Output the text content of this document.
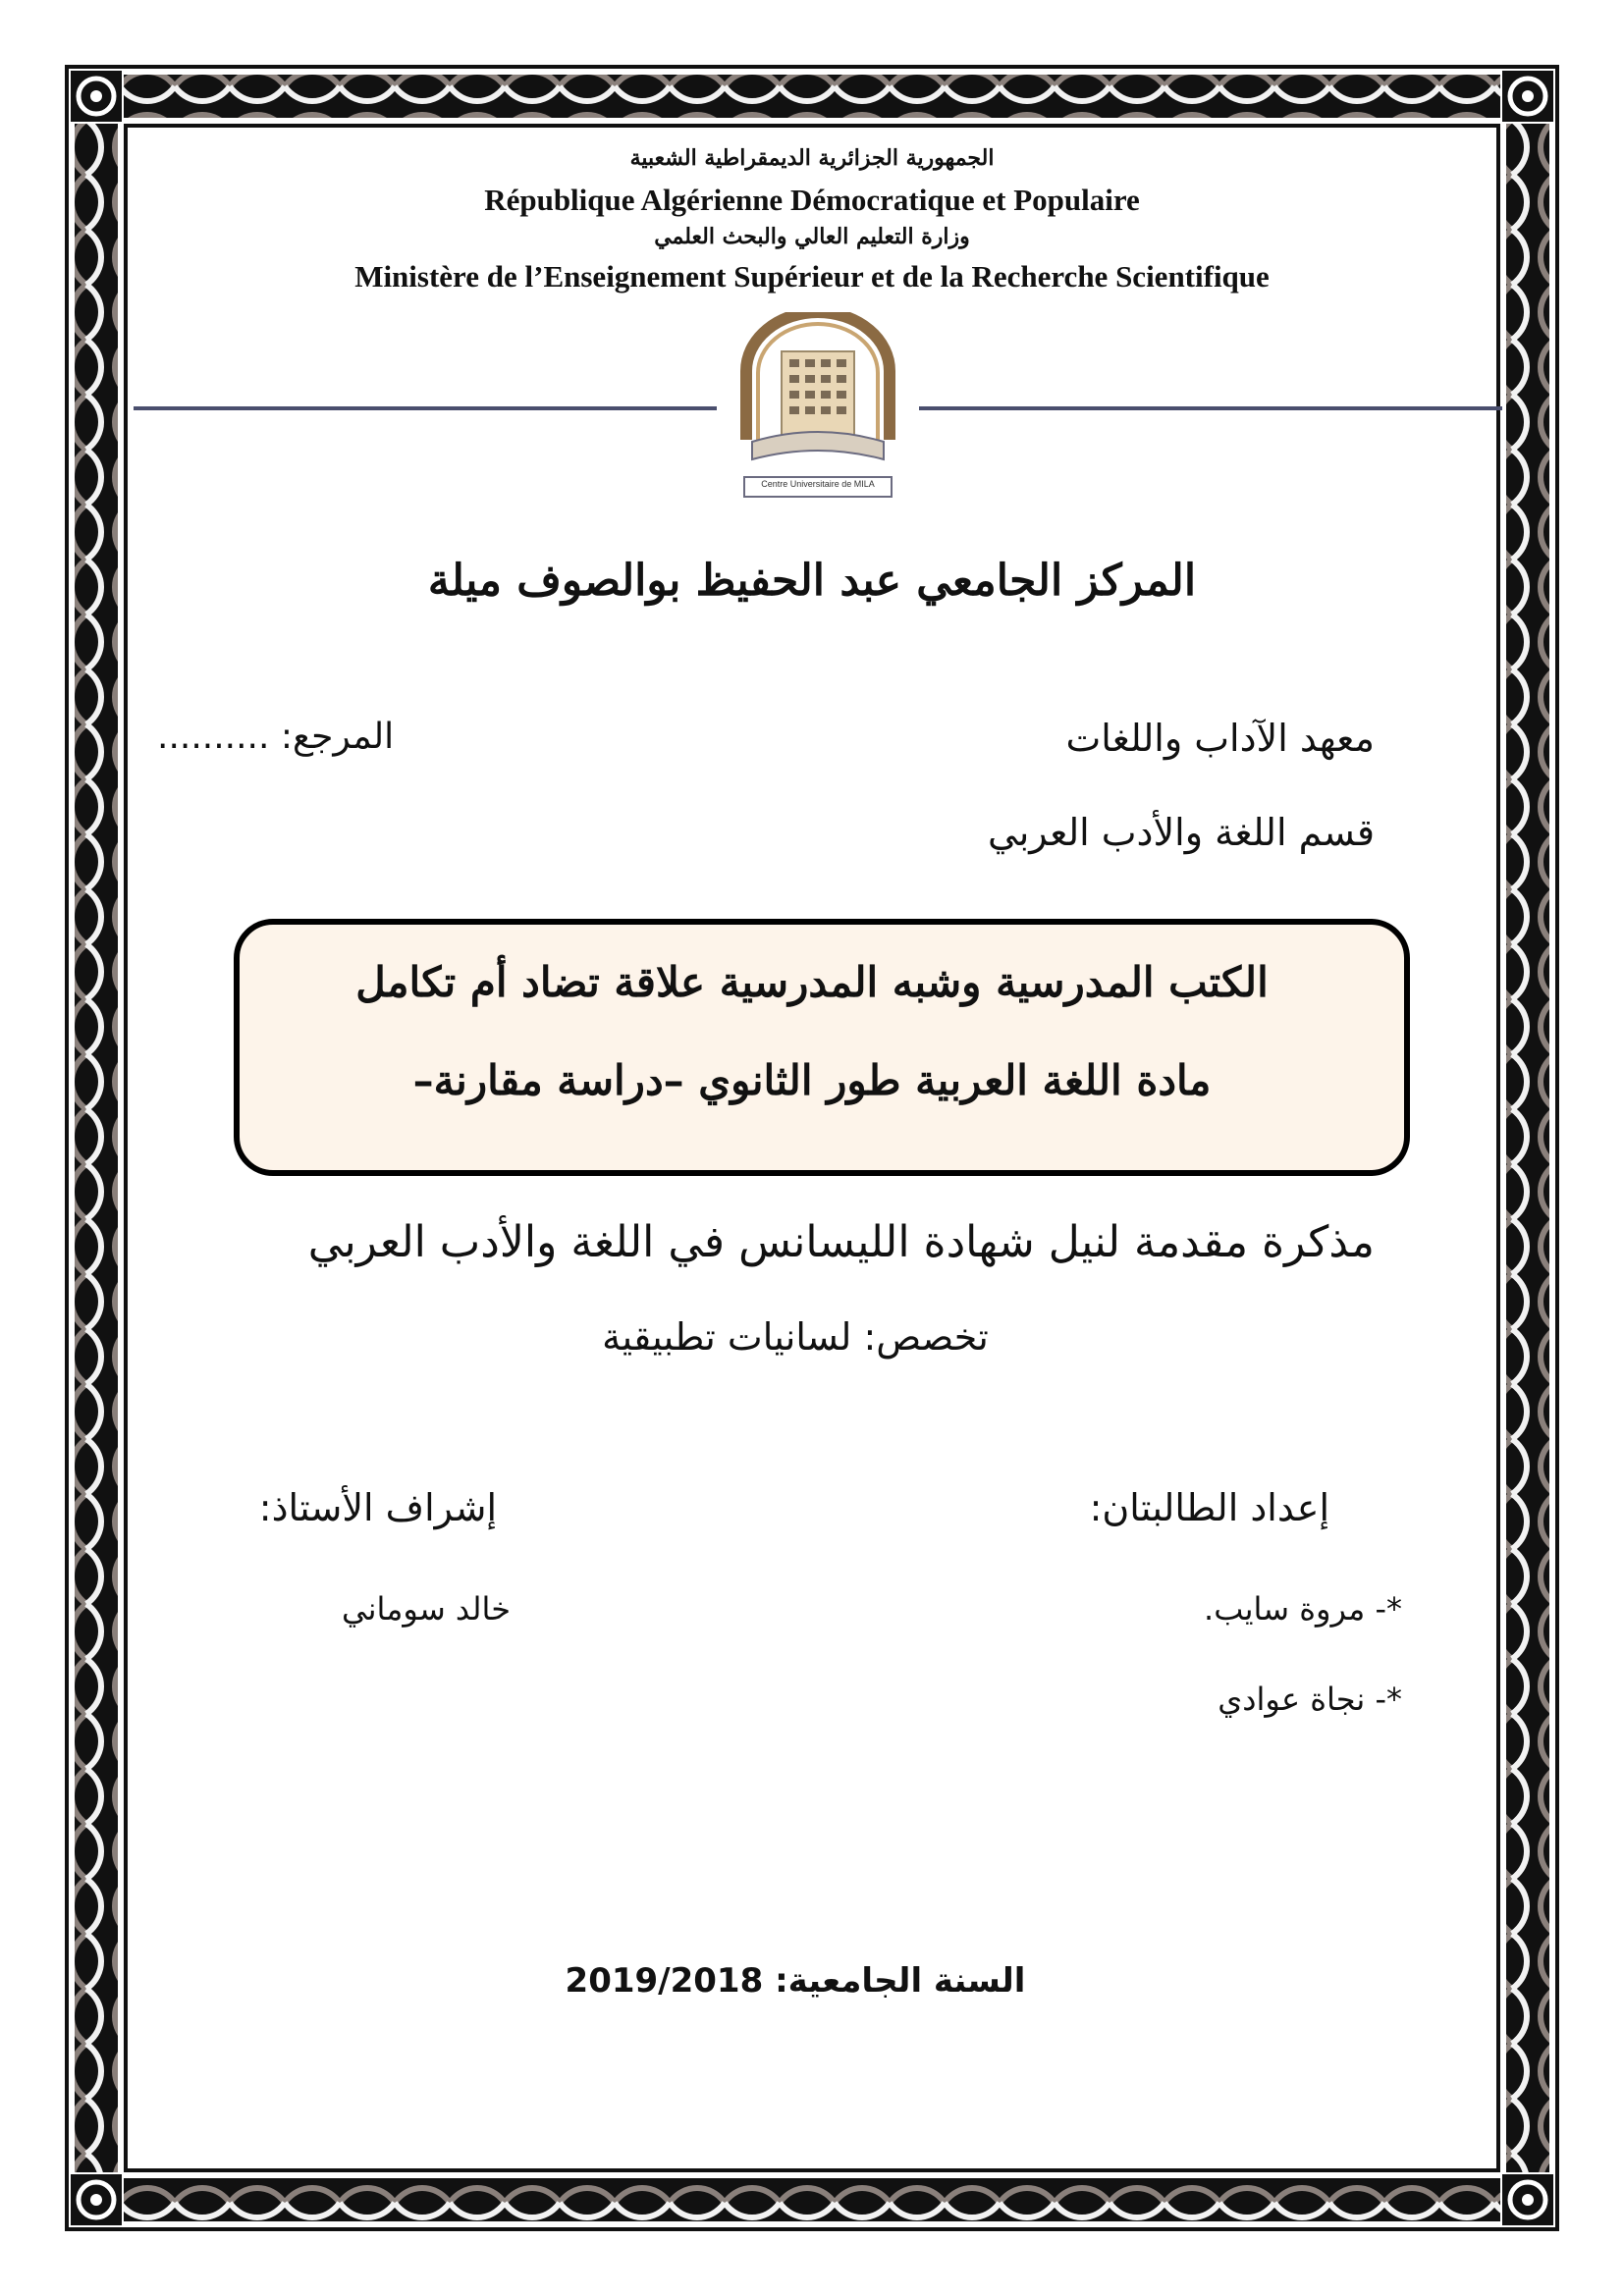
الجمهورية الجزائرية الديمقراطية الشعبية
République Algérienne Démocratique et Populaire
وزارة التعليم العالي والبحث العلمي
Ministère de l’Enseignement Supérieur et de la Recherche Scientifique
Centre Universitaire de MILA
المركز الجامعي عبد الحفيظ بوالصوف ميلة
معهد الآداب واللغات
المرجع: ..........
قسم اللغة والأدب العربي
الكتب المدرسية وشبه المدرسية علاقة تضاد أم تكامل
مادة اللغة العربية طور الثانوي –دراسة مقارنة–
مذكرة مقدمة لنيل شهادة الليسانس في اللغة والأدب العربي
تخصص: لسانيات تطبيقية
إعداد الطالبتان:
*- مروة سايب.
*- نجاة عوادي
إشراف الأستاذ:
خالد سوماني
السنة الجامعية: 2019/2018
